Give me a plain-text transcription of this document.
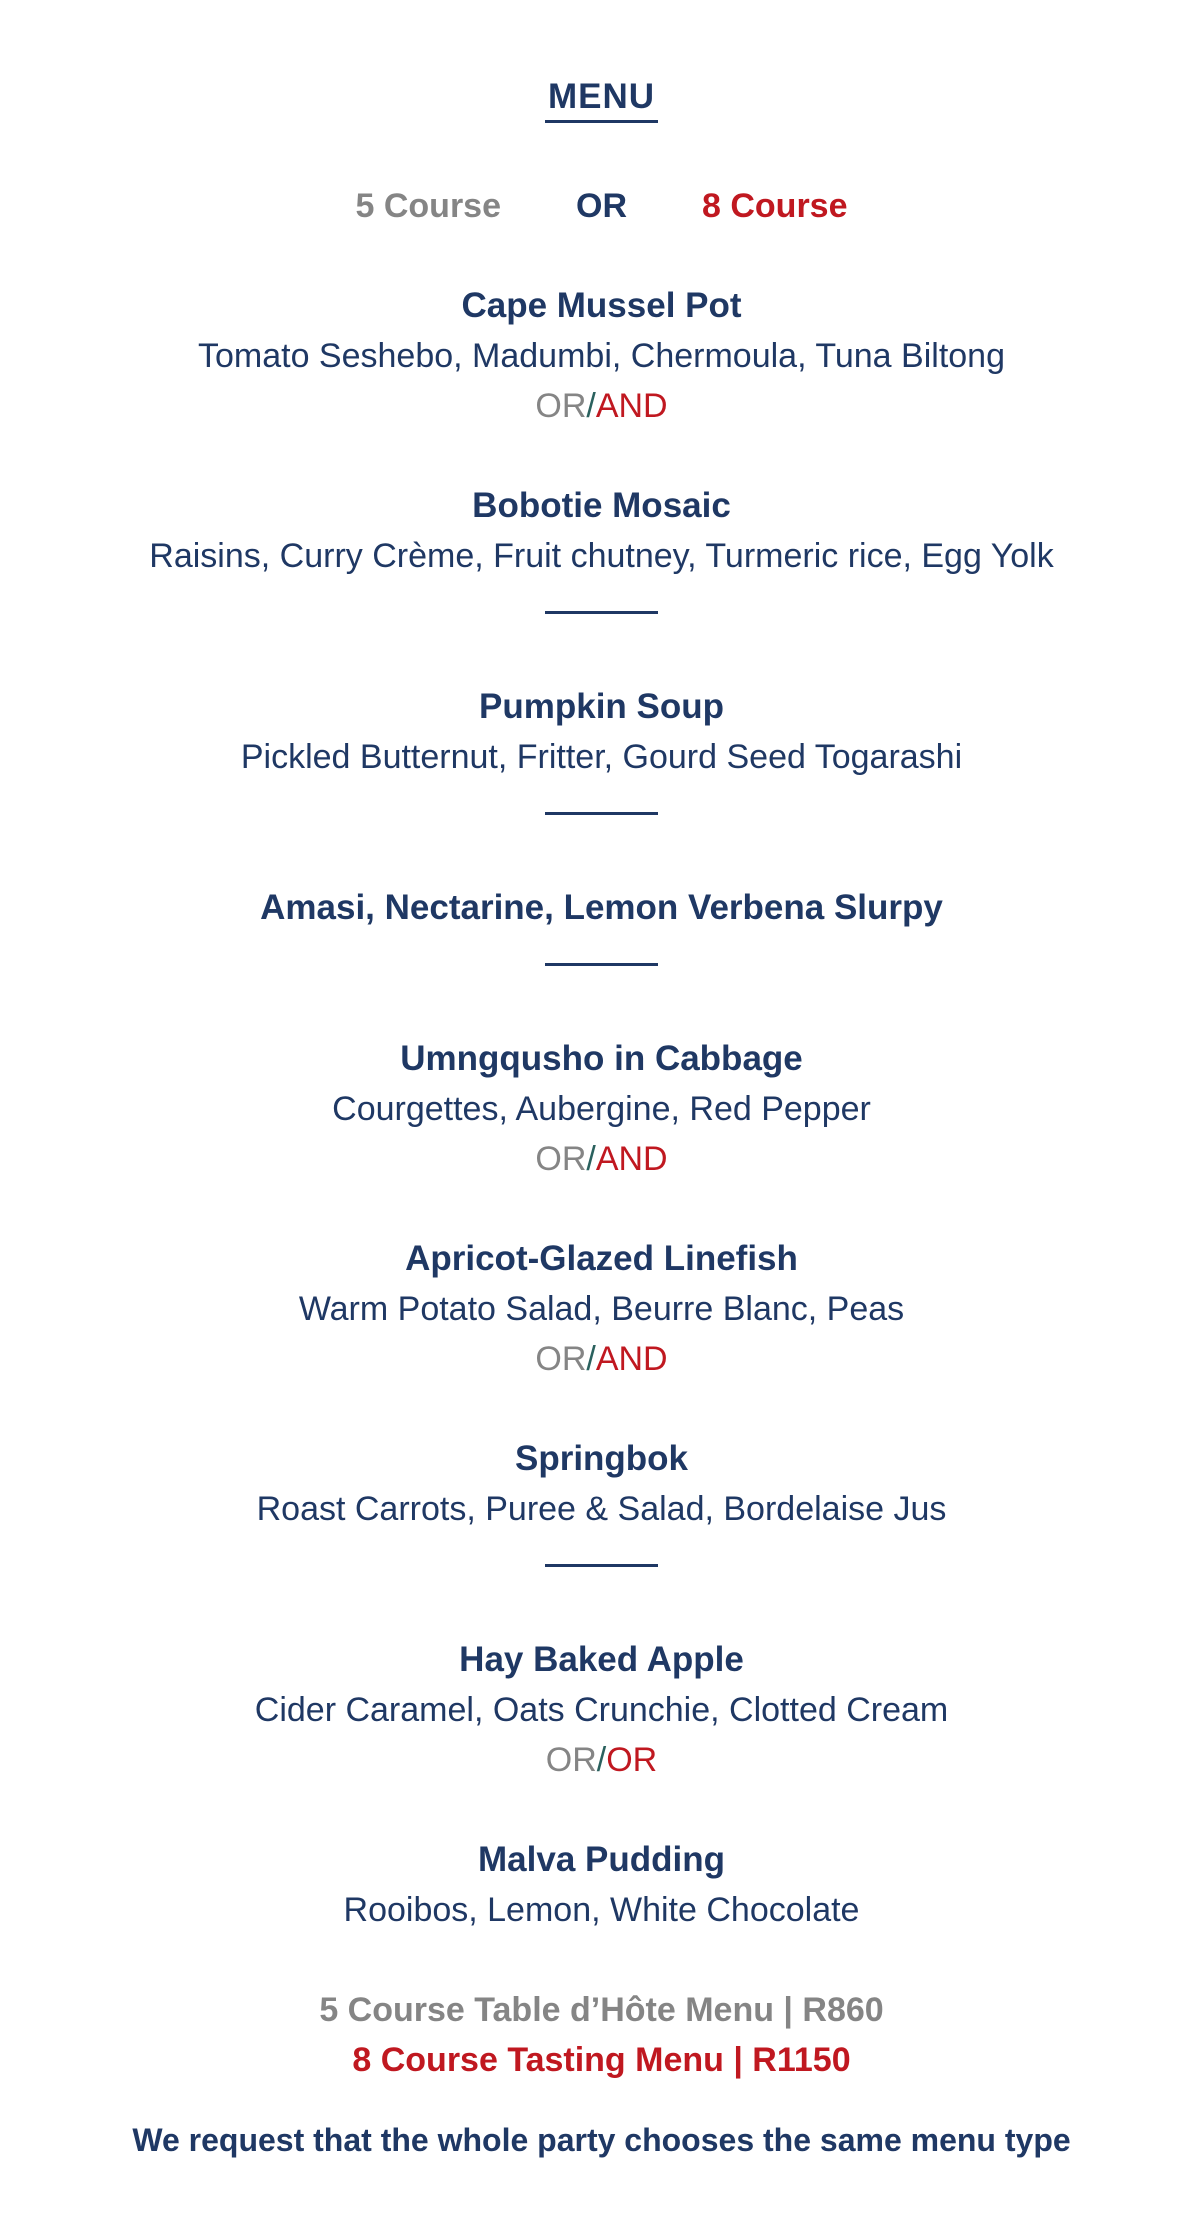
MENU
5 Course OR 8 Course
Cape Mussel Pot
Tomato Seshebo, Madumbi, Chermoula, Tuna Biltong
OR/AND
Bobotie Mosaic
Raisins, Curry Crème, Fruit chutney, Turmeric rice, Egg Yolk
Pumpkin Soup
Pickled Butternut, Fritter, Gourd Seed Togarashi
Amasi, Nectarine, Lemon Verbena Slurpy
Umngqusho in Cabbage
Courgettes, Aubergine, Red Pepper
OR/AND
Apricot-Glazed Linefish
Warm Potato Salad, Beurre Blanc, Peas
OR/AND
Springbok
Roast Carrots, Puree & Salad, Bordelaise Jus
Hay Baked Apple
Cider Caramel, Oats Crunchie, Clotted Cream
OR/OR
Malva Pudding
Rooibos, Lemon, White Chocolate
5 Course Table d’Hôte Menu | R860
8 Course Tasting Menu | R1150
We request that the whole party chooses the same menu type
